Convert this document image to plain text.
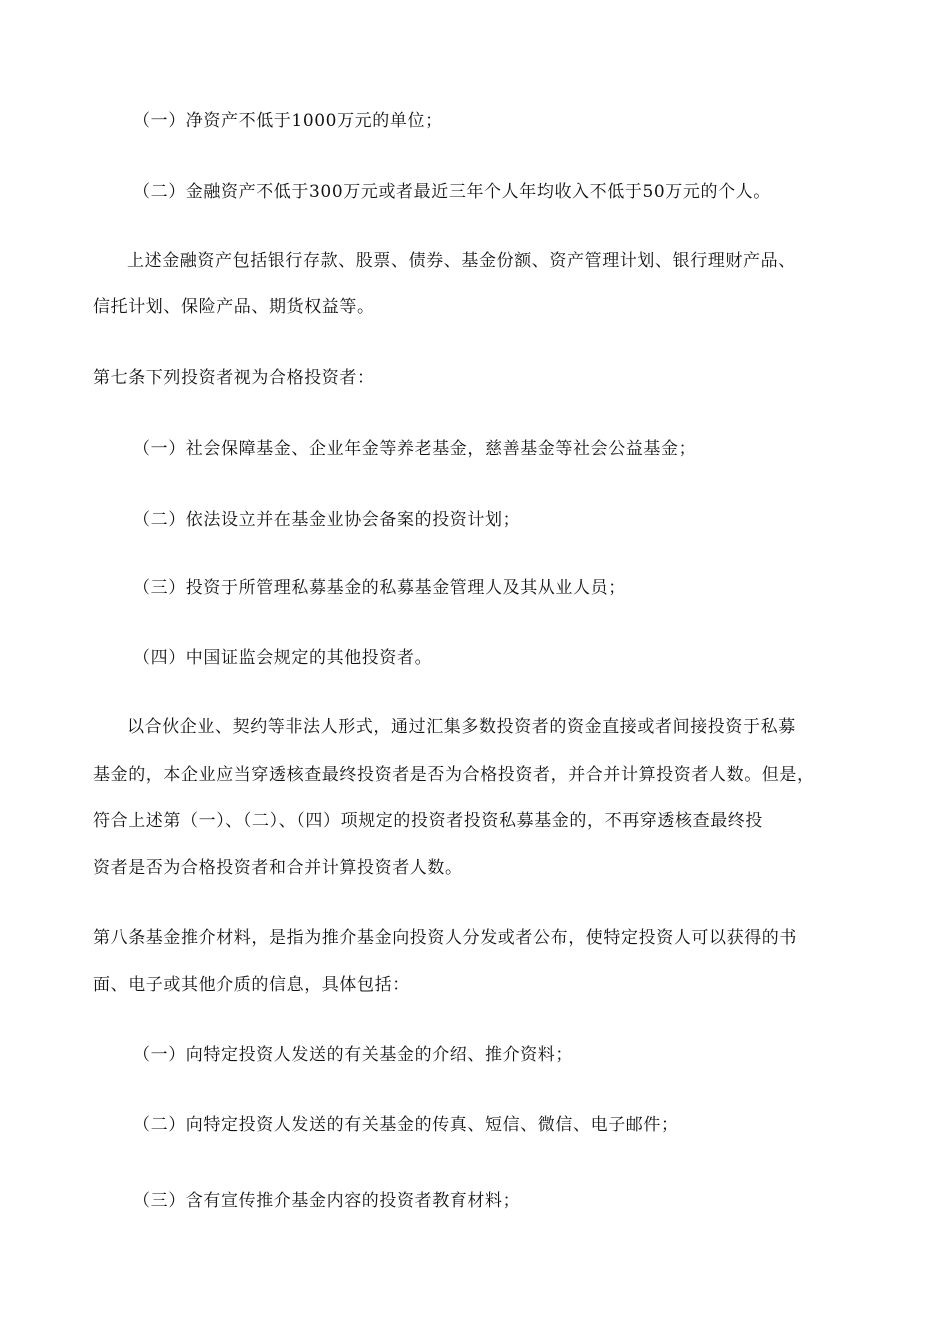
（一）净资产不低于1000万元的单位；
（二）金融资产不低于300万元或者最近三年个人年均收入不低于50万元的个人。
上述金融资产包括银行存款、股票、债券、基金份额、资产管理计划、银行理财产品、
信托计划、保险产品、期货权益等。
第七条下列投资者视为合格投资者：
（一）社会保障基金、企业年金等养老基金，慈善基金等社会公益基金；
（二）依法设立并在基金业协会备案的投资计划；
（三）投资于所管理私募基金的私募基金管理人及其从业人员；
（四）中国证监会规定的其他投资者。
以合伙企业、契约等非法人形式，通过汇集多数投资者的资金直接或者间接投资于私募
基金的，本企业应当穿透核查最终投资者是否为合格投资者，并合并计算投资者人数。但是，
符合上述第（一）、（二）、（四）项规定的投资者投资私募基金的，不再穿透核查最终投
资者是否为合格投资者和合并计算投资者人数。
第八条基金推介材料，是指为推介基金向投资人分发或者公布，使特定投资人可以获得的书
面、电子或其他介质的信息，具体包括：
（一）向特定投资人发送的有关基金的介绍、推介资料；
（二）向特定投资人发送的有关基金的传真、短信、微信、电子邮件；
（三）含有宣传推介基金内容的投资者教育材料；
